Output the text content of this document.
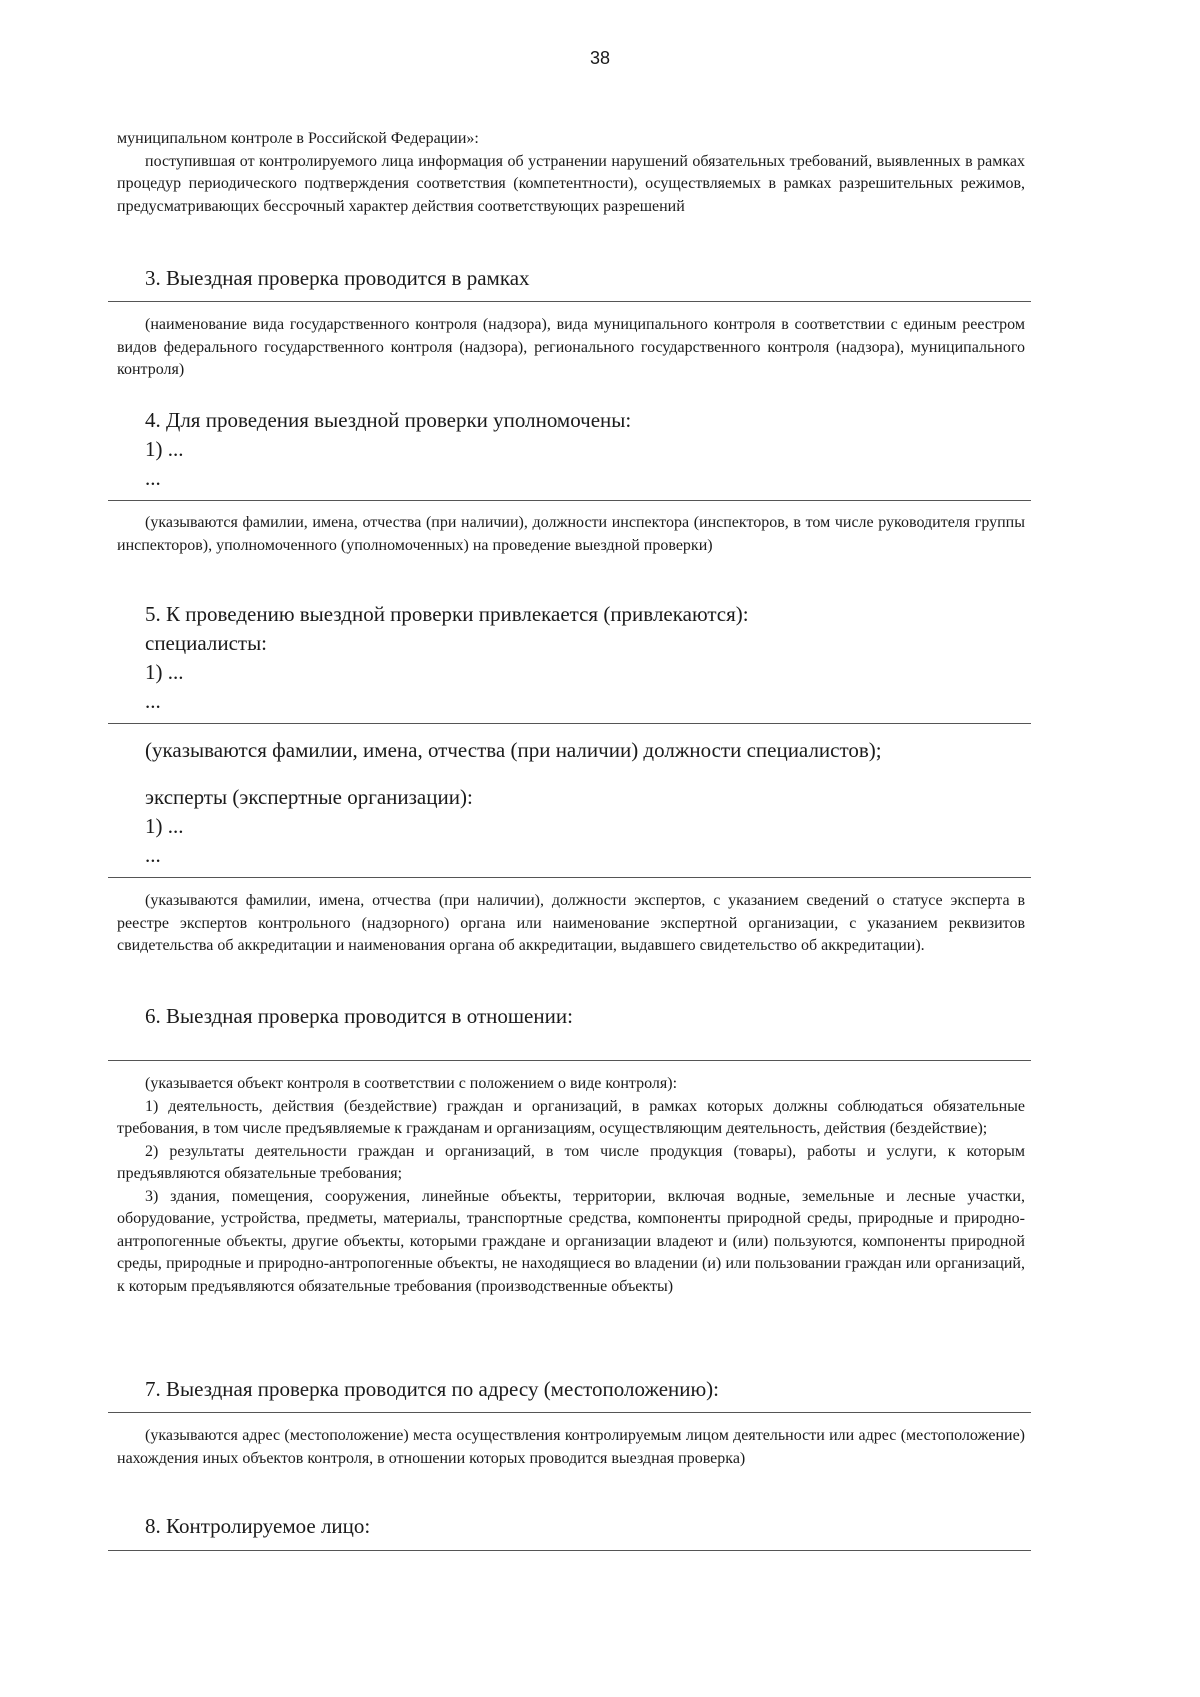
38

муниципальном контроле в Российской Федерации»:

поступившая от контролируемого лица информация об устранении нарушений обязательных требований, выявленных в рамках процедур периодического подтверждения соответствия (компетентности), осуществляемых в рамках разрешительных режимов, предусматривающих бессрочный характер действия соответствующих разрешений

3. Выездная проверка проводится в рамках

(наименование вида государственного контроля (надзора), вида муниципального контроля в соответствии с единым реестром видов федерального государственного контроля (надзора), регионального государственного контроля (надзора), муниципального контроля)

4. Для проведения выездной проверки уполномочены:

1) ...

...

(указываются фамилии, имена, отчества (при наличии), должности инспектора (инспекторов, в том числе руководителя группы инспекторов), уполномоченного (уполномоченных) на проведение выездной проверки)

5. К проведению выездной проверки привлекается (привлекаются):

специалисты:

1) ...

...

(указываются фамилии, имена, отчества (при наличии) должности специалистов);

эксперты (экспертные организации):

1) ...

...

(указываются фамилии, имена, отчества (при наличии), должности экспертов, с указанием сведений о статусе эксперта в реестре экспертов контрольного (надзорного) органа или наименование экспертной организации, с указанием реквизитов свидетельства об аккредитации и наименования органа об аккредитации, выдавшего свидетельство об аккредитации).

6. Выездная проверка проводится в отношении:

(указывается объект контроля в соответствии с положением о виде контроля):

1) деятельность, действия (бездействие) граждан и организаций, в рамках которых должны соблюдаться обязательные требования, в том числе предъявляемые к гражданам и организациям, осуществляющим деятельность, действия (бездействие);

2) результаты деятельности граждан и организаций, в том числе продукция (товары), работы и услуги, к которым предъявляются обязательные требования;

3) здания, помещения, сооружения, линейные объекты, территории, включая водные, земельные и лесные участки, оборудование, устройства, предметы, материалы, транспортные средства, компоненты природной среды, природные и природно-антропогенные объекты, другие объекты, которыми граждане и организации владеют и (или) пользуются, компоненты природной среды, природные и природно-антропогенные объекты, не находящиеся во владении (и) или пользовании граждан или организаций, к которым предъявляются обязательные требования (производственные объекты)

7. Выездная проверка проводится по адресу (местоположению):

(указываются адрес (местоположение) места осуществления контролируемым лицом деятельности или адрес (местоположение) нахождения иных объектов контроля, в отношении которых проводится выездная проверка)

8. Контролируемое лицо:
